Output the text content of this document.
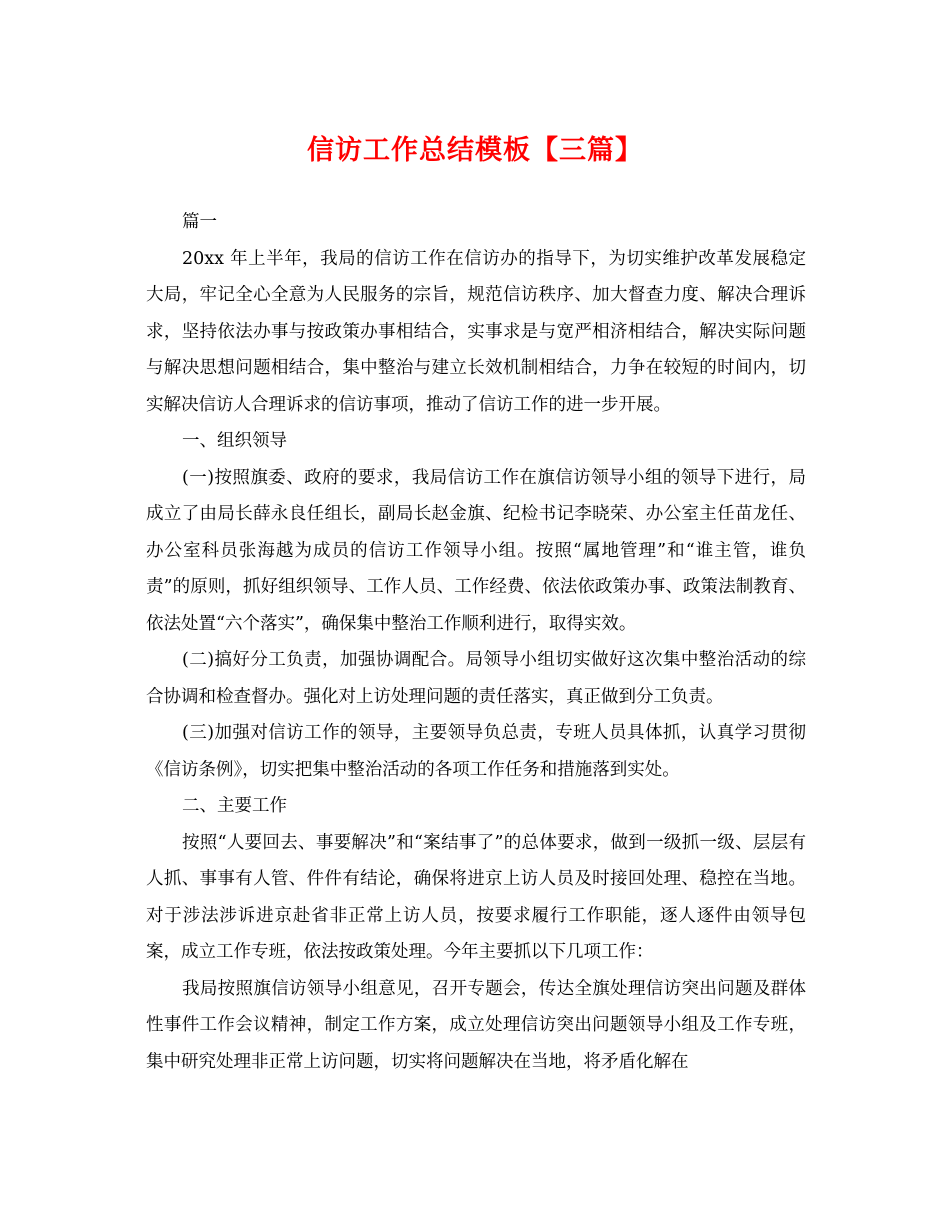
信访工作总结模板【三篇】

篇一

20xx 年上半年，我局的信访工作在信访办的指导下，为切实维护改革发展稳定大局，牢记全心全意为人民服务的宗旨，规范信访秩序、加大督查力度、解决合理诉求，坚持依法办事与按政策办事相结合，实事求是与宽严相济相结合，解决实际问题与解决思想问题相结合，集中整治与建立长效机制相结合，力争在较短的时间内，切实解决信访人合理诉求的信访事项，推动了信访工作的进一步开展。

一、组织领导

(一)按照旗委、政府的要求，我局信访工作在旗信访领导小组的领导下进行，局成立了由局长薛永良任组长，副局长赵金旗、纪检书记李晓荣、办公室主任苗龙任、办公室科员张海越为成员的信访工作领导小组。按照“属地管理”和“谁主管，谁负责”的原则，抓好组织领导、工作人员、工作经费、依法依政策办事、政策法制教育、依法处置“六个落实”，确保集中整治工作顺利进行，取得实效。

(二)搞好分工负责，加强协调配合。局领导小组切实做好这次集中整治活动的综合协调和检查督办。强化对上访处理问题的责任落实，真正做到分工负责。

(三)加强对信访工作的领导，主要领导负总责，专班人员具体抓，认真学习贯彻《信访条例》，切实把集中整治活动的各项工作任务和措施落到实处。

二、主要工作

按照“人要回去、事要解决”和“案结事了”的总体要求，做到一级抓一级、层层有人抓、事事有人管、件件有结论，确保将进京上访人员及时接回处理、稳控在当地。对于涉法涉诉进京赴省非正常上访人员，按要求履行工作职能，逐人逐件由领导包案，成立工作专班，依法按政策处理。今年主要抓以下几项工作：

我局按照旗信访领导小组意见，召开专题会，传达全旗处理信访突出问题及群体性事件工作会议精神，制定工作方案，成立处理信访突出问题领导小组及工作专班，集中研究处理非正常上访问题，切实将问题解决在当地，将矛盾化解在
